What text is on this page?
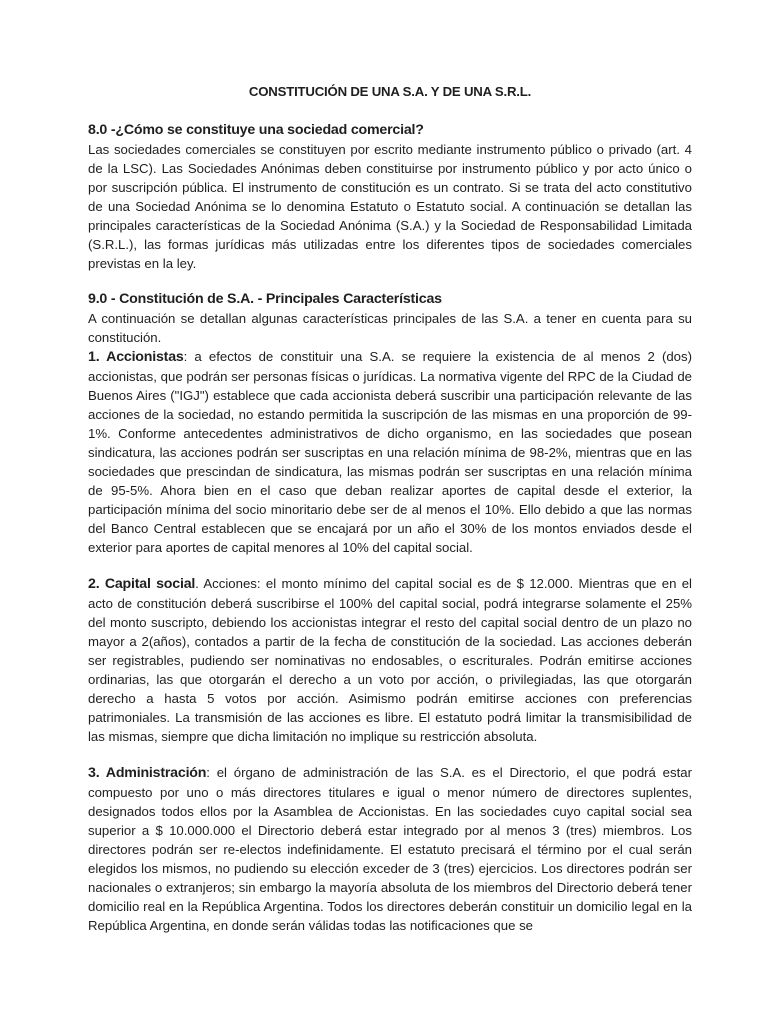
CONSTITUCIÓN DE UNA S.A. Y DE UNA S.R.L.

8.0 -¿Cómo se constituye una sociedad comercial?

Las sociedades comerciales se constituyen por escrito mediante instrumento público o privado (art. 4 de la LSC). Las Sociedades Anónimas deben constituirse por instrumento público y por acto único o por suscripción pública. El instrumento de constitución es un contrato. Si se trata del acto constitutivo de una Sociedad Anónima se lo denomina Estatuto o Estatuto social. A continuación se detallan las principales características de la Sociedad Anónima (S.A.) y la Sociedad de Responsabilidad Limitada (S.R.L.), las formas jurídicas más utilizadas entre los diferentes tipos de sociedades comerciales previstas en la ley.

9.0 - Constitución de S.A. - Principales Características

A continuación se detallan algunas características principales de las S.A. a tener en cuenta para su constitución.

1. Accionistas: a efectos de constituir una S.A. se requiere la existencia de al menos 2 (dos) accionistas, que podrán ser personas físicas o jurídicas. La normativa vigente del RPC de la Ciudad de Buenos Aires ("IGJ") establece que cada accionista deberá suscribir una participación relevante de las acciones de la sociedad, no estando permitida la suscripción de las mismas en una proporción de 99-1%. Conforme antecedentes administrativos de dicho organismo, en las sociedades que posean sindicatura, las acciones podrán ser suscriptas en una relación mínima de 98-2%, mientras que en las sociedades que prescindan de sindicatura, las mismas podrán ser suscriptas en una relación mínima de 95-5%. Ahora bien en el caso que deban realizar aportes de capital desde el exterior, la participación mínima del socio minoritario debe ser de al menos el 10%. Ello debido a que las normas del Banco Central establecen que se encajará por un año el 30% de los montos enviados desde el exterior para aportes de capital menores al 10% del capital social.

2. Capital social. Acciones: el monto mínimo del capital social es de $ 12.000. Mientras que en el acto de constitución deberá suscribirse el 100% del capital social, podrá integrarse solamente el 25% del monto suscripto, debiendo los accionistas integrar el resto del capital social dentro de un plazo no mayor a 2(años), contados a partir de la fecha de constitución de la sociedad. Las acciones deberán ser registrables, pudiendo ser nominativas no endosables, o escriturales. Podrán emitirse acciones ordinarias, las que otorgarán el derecho a un voto por acción, o privilegiadas, las que otorgarán derecho a hasta 5 votos por acción. Asimismo podrán emitirse acciones con preferencias patrimoniales. La transmisión de las acciones es libre. El estatuto podrá limitar la transmisibilidad de las mismas, siempre que dicha limitación no implique su restricción absoluta.

3. Administración: el órgano de administración de las S.A. es el Directorio, el que podrá estar compuesto por uno o más directores titulares e igual o menor número de directores suplentes, designados todos ellos por la Asamblea de Accionistas. En las sociedades cuyo capital social sea superior a $ 10.000.000 el Directorio deberá estar integrado por al menos 3 (tres) miembros. Los directores podrán ser re-electos indefinidamente. El estatuto precisará el término por el cual serán elegidos los mismos, no pudiendo su elección exceder de 3 (tres) ejercicios. Los directores podrán ser nacionales o extranjeros; sin embargo la mayoría absoluta de los miembros del Directorio deberá tener domicilio real en la República Argentina. Todos los directores deberán constituir un domicilio legal en la República Argentina, en donde serán válidas todas las notificaciones que se
